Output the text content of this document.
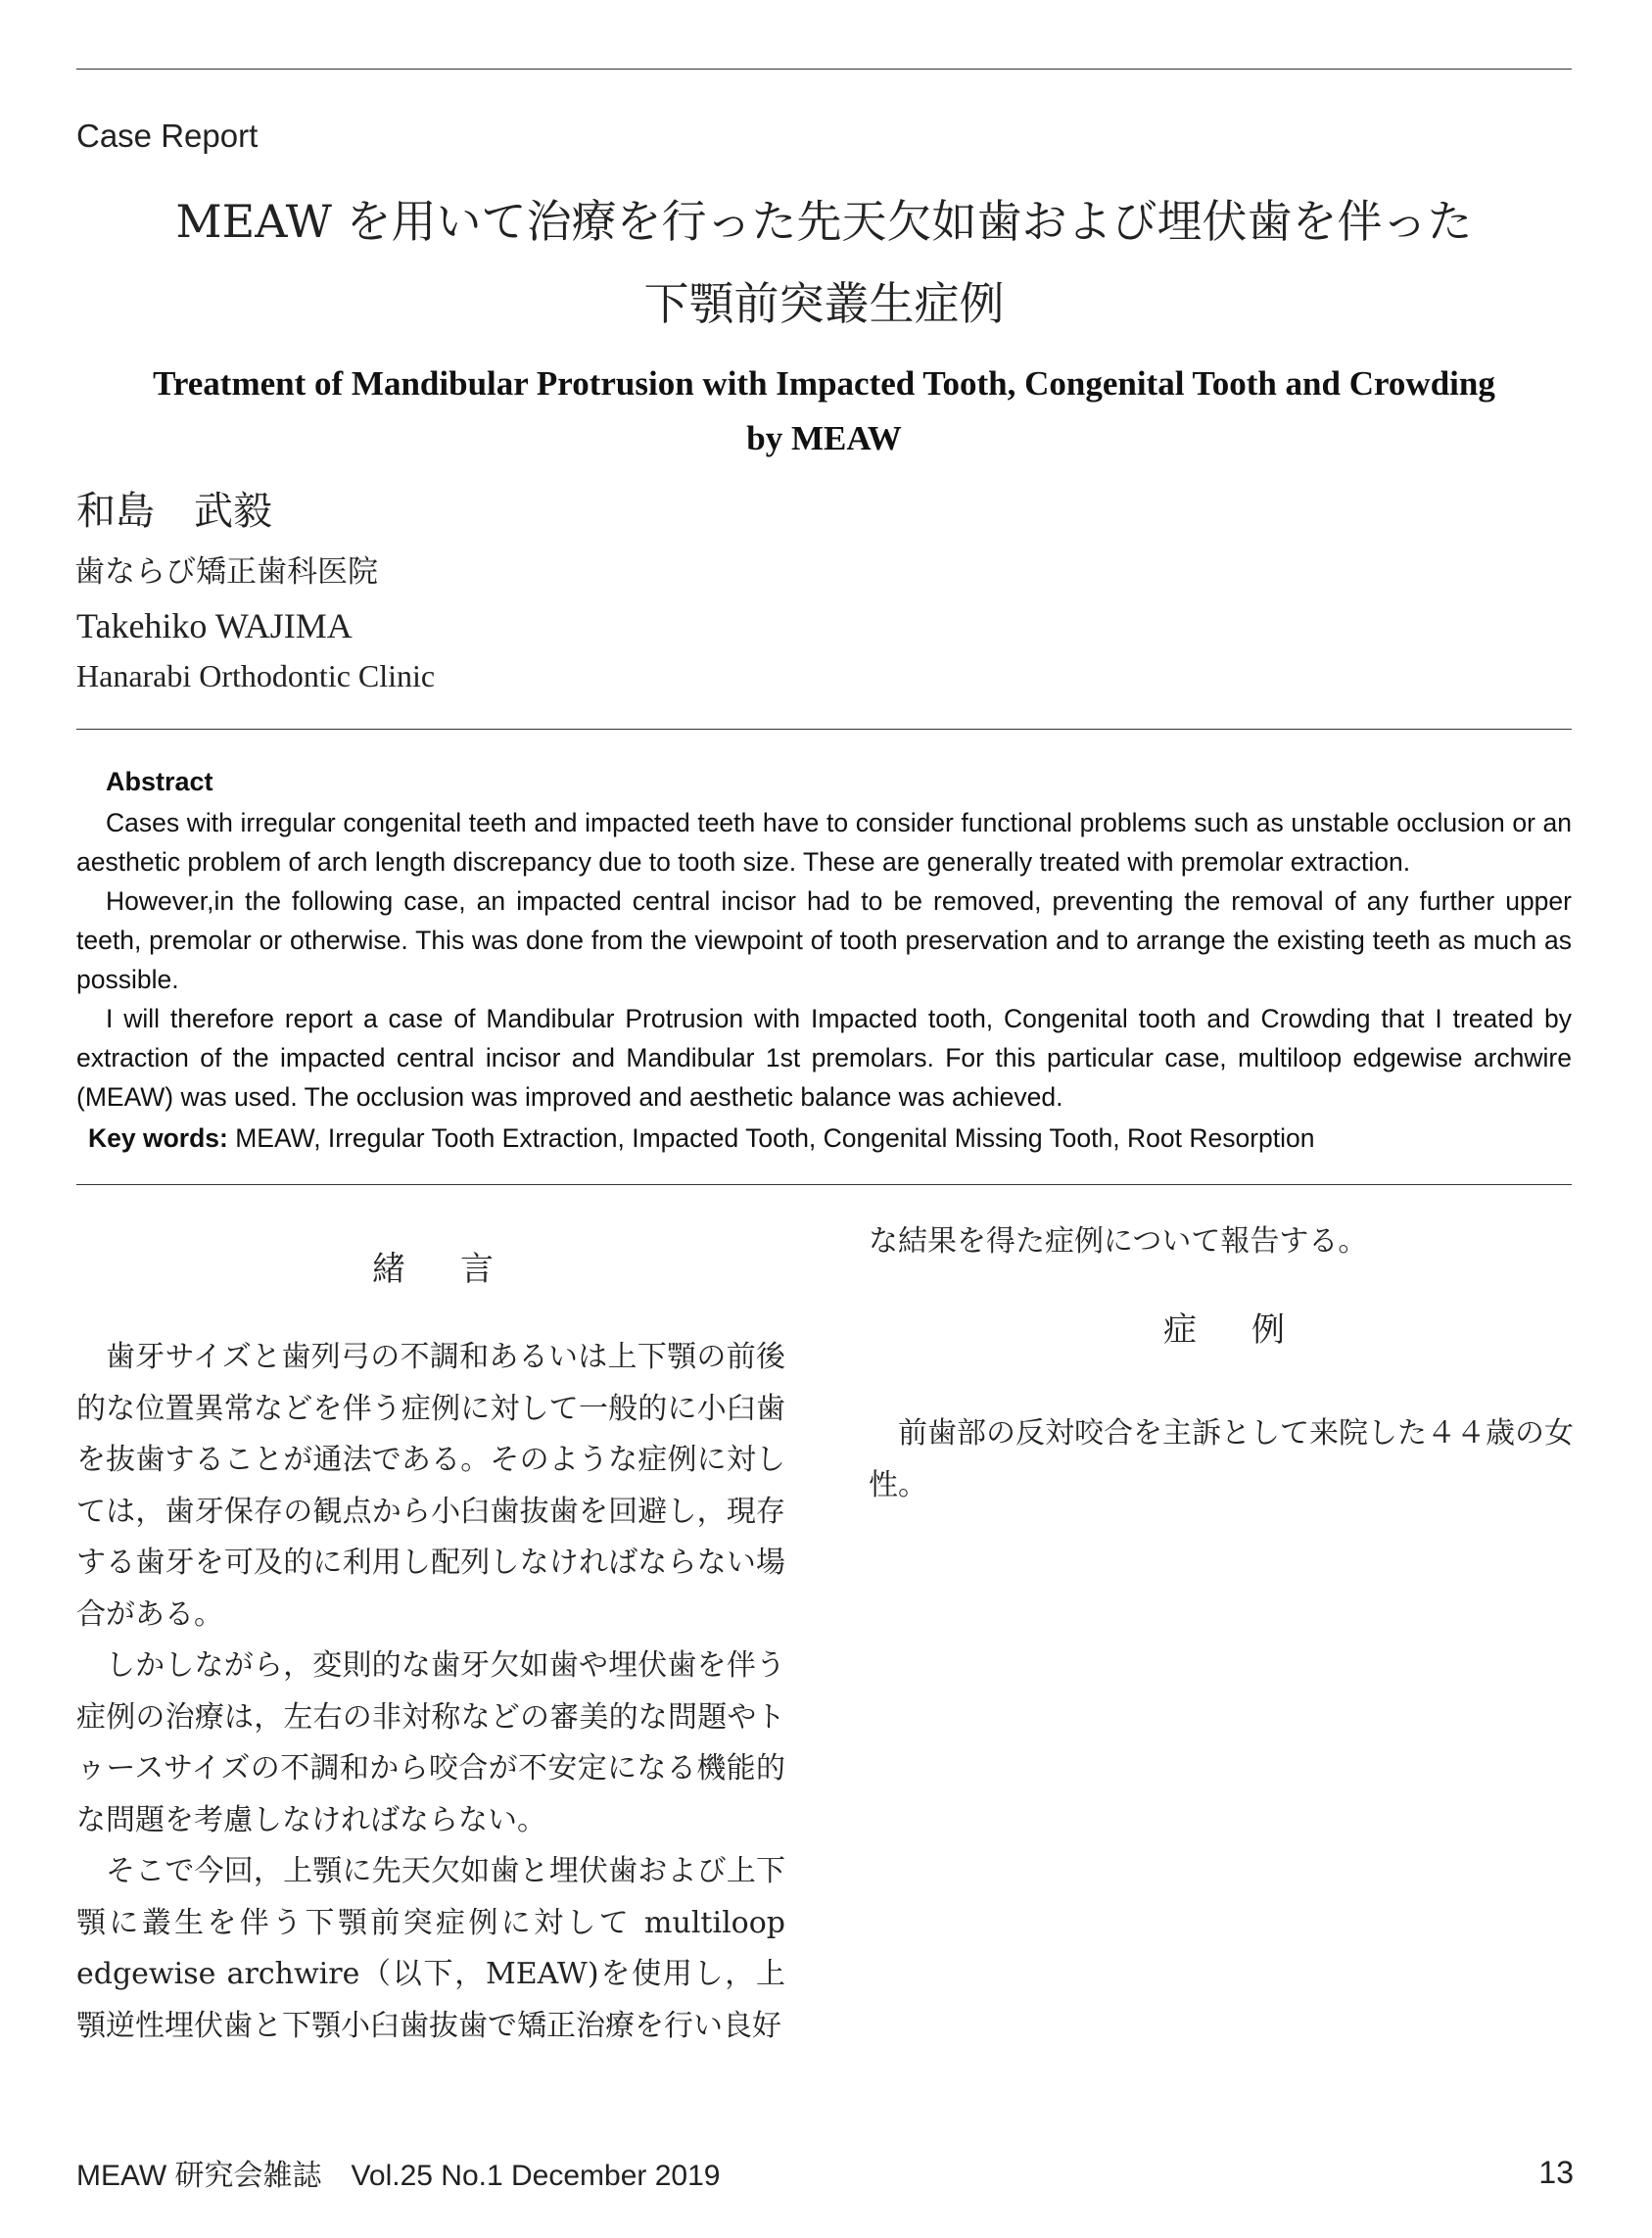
Case Report
MEAW を用いて治療を行った先天欠如歯および埋伏歯を伴った
下顎前突叢生症例
Treatment of Mandibular Protrusion with Impacted Tooth, Congenital Tooth and Crowding
by MEAW
和島　武毅
歯ならび矯正歯科医院
Takehiko WAJIMA
Hanarabi Orthodontic Clinic
Abstract

Cases with irregular congenital teeth and impacted teeth have to consider functional problems such as unstable occlusion or an aesthetic problem of arch length discrepancy due to tooth size. These are generally treated with premolar extraction.

However,in the following case, an impacted central incisor had to be removed, preventing the removal of any further upper teeth, premolar or otherwise. This was done from the viewpoint of tooth preservation and to arrange the existing teeth as much as possible.

I will therefore report a case of Mandibular Protrusion with Impacted tooth, Congenital tooth and Crowding that I treated by extraction of the impacted central incisor and Mandibular 1st premolars. For this particular case, multiloop edgewise archwire (MEAW) was used. The occlusion was improved and aesthetic balance was achieved.

Key words: MEAW, Irregular Tooth Extraction, Impacted Tooth, Congenital Missing Tooth, Root Resorption
緒言

歯牙サイズと歯列弓の不調和あるいは上下顎の前後的な位置異常などを伴う症例に対して一般的に小臼歯を抜歯することが通法である。そのような症例に対しては，歯牙保存の観点から小臼歯抜歯を回避し，現存する歯牙を可及的に利用し配列しなければならない場合がある。

しかしながら，変則的な歯牙欠如歯や埋伏歯を伴う症例の治療は，左右の非対称などの審美的な問題やトゥースサイズの不調和から咬合が不安定になる機能的な問題を考慮しなければならない。

そこで今回，上顎に先天欠如歯と埋伏歯および上下顎に叢生を伴う下顎前突症例に対して multiloop edgewise archwire（以下，MEAW)を使用し，上顎逆性埋伏歯と下顎小臼歯抜歯で矯正治療を行い良好

な結果を得た症例について報告する。

症例

前歯部の反対咬合を主訴として来院した４４歳の女性。

MEAW 研究会雑誌　Vol.25 No.1 December 2019	13
